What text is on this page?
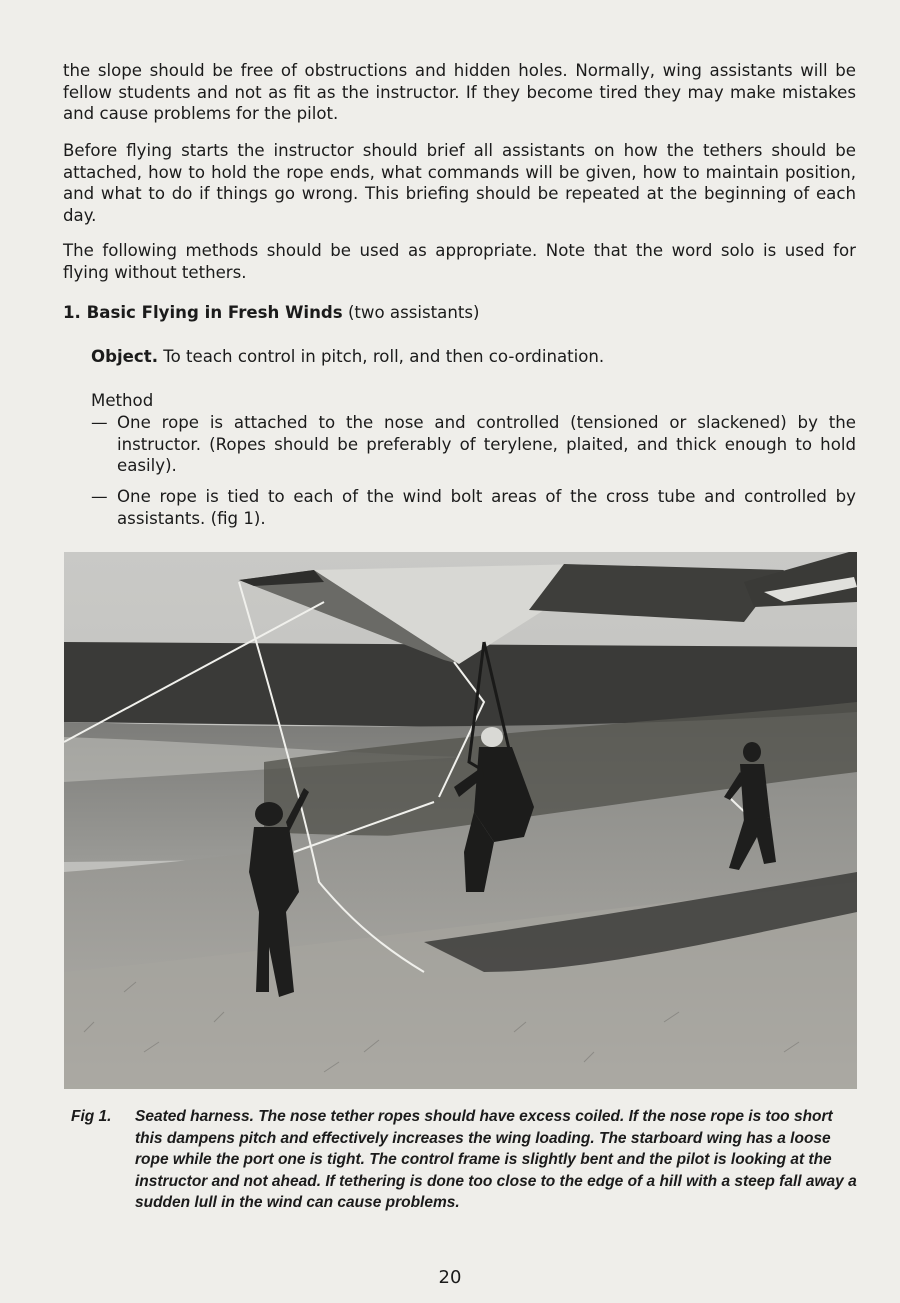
the slope should be free of obstructions and hidden holes. Normally, wing assistants will be fellow students and not as fit as the instructor. If they become tired they may make mistakes and cause problems for the pilot.
Before flying starts the instructor should brief all assistants on how the tethers should be attached, how to hold the rope ends, what commands will be given, how to maintain position, and what to do if things go wrong. This briefing should be repeated at the beginning of each day.
The following methods should be used as appropriate. Note that the word solo is used for flying without tethers.
1. Basic Flying in Fresh Winds (two assistants)
Object. To teach control in pitch, roll, and then co-ordination.
Method
— One rope is attached to the nose and controlled (tensioned or slackened) by the instructor. (Ropes should be preferably of terylene, plaited, and thick enough to hold easily).
— One rope is tied to each of the wind bolt areas of the cross tube and controlled by assistants. (fig 1).
Fig 1.	Seated harness. The nose tether ropes should have excess coiled. If the nose rope is too short this dampens pitch and effectively increases the wing loading. The starboard wing has a loose rope while the port one is tight. The control frame is slightly bent and the pilot is looking at the instructor and not ahead. If tethering is done too close to the edge of a hill with a steep fall away a sudden lull in the wind can cause problems.
20
